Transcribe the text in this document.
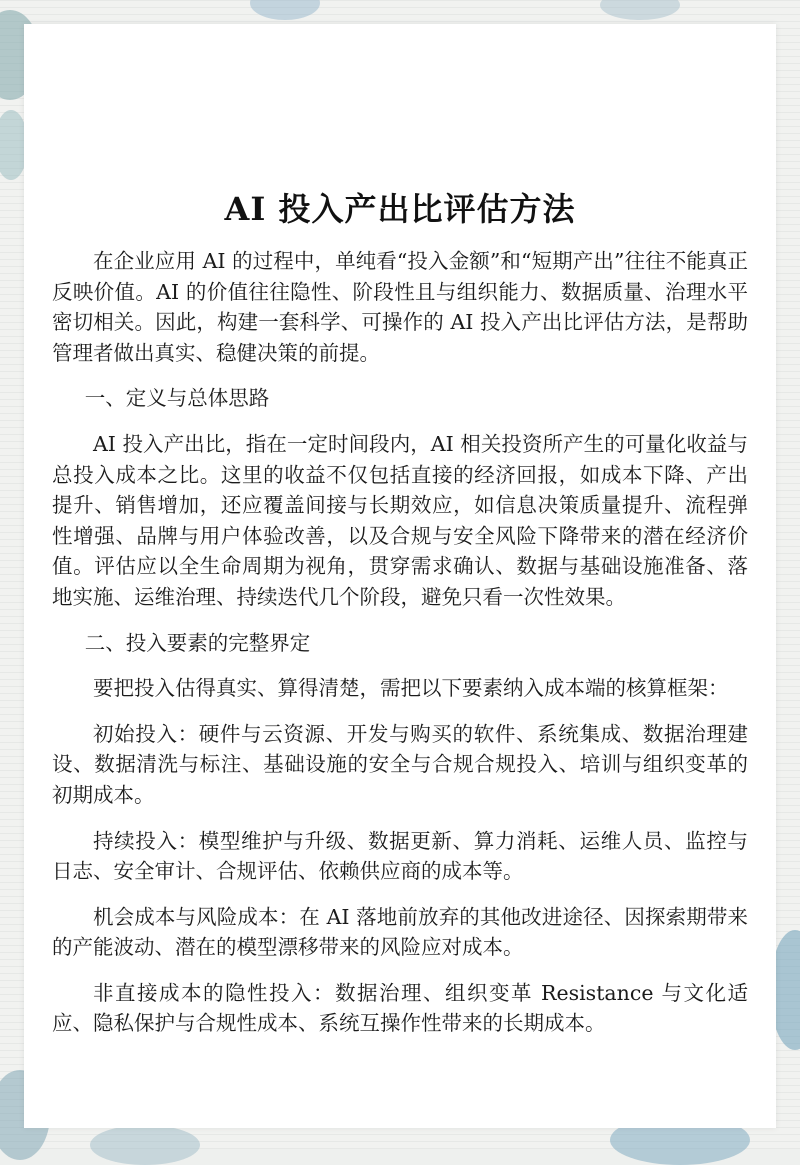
AI 投入产出比评估方法

在企业应用 AI 的过程中，单纯看“投入金额”和“短期产出”往往不能真正反映价值。AI 的价值往往隐性、阶段性且与组织能力、数据质量、治理水平密切相关。因此，构建一套科学、可操作的 AI 投入产出比评估方法，是帮助管理者做出真实、稳健决策的前提。

一、定义与总体思路

AI 投入产出比，指在一定时间段内，AI 相关投资所产生的可量化收益与总投入成本之比。这里的收益不仅包括直接的经济回报，如成本下降、产出提升、销售增加，还应覆盖间接与长期效应，如信息决策质量提升、流程弹性增强、品牌与用户体验改善，以及合规与安全风险下降带来的潜在经济价值。评估应以全生命周期为视角，贯穿需求确认、数据与基础设施准备、落地实施、运维治理、持续迭代几个阶段，避免只看一次性效果。

二、投入要素的完整界定

要把投入估得真实、算得清楚，需把以下要素纳入成本端的核算框架：

初始投入：硬件与云资源、开发与购买的软件、系统集成、数据治理建设、数据清洗与标注、基础设施的安全与合规合规投入、培训与组织变革的初期成本。

持续投入：模型维护与升级、数据更新、算力消耗、运维人员、监控与日志、安全审计、合规评估、依赖供应商的成本等。

机会成本与风险成本：在 AI 落地前放弃的其他改进途径、因探索期带来的产能波动、潜在的模型漂移带来的风险应对成本。

非直接成本的隐性投入：数据治理、组织变革 Resistance 与文化适应、隐私保护与合规性成本、系统互操作性带来的长期成本。
